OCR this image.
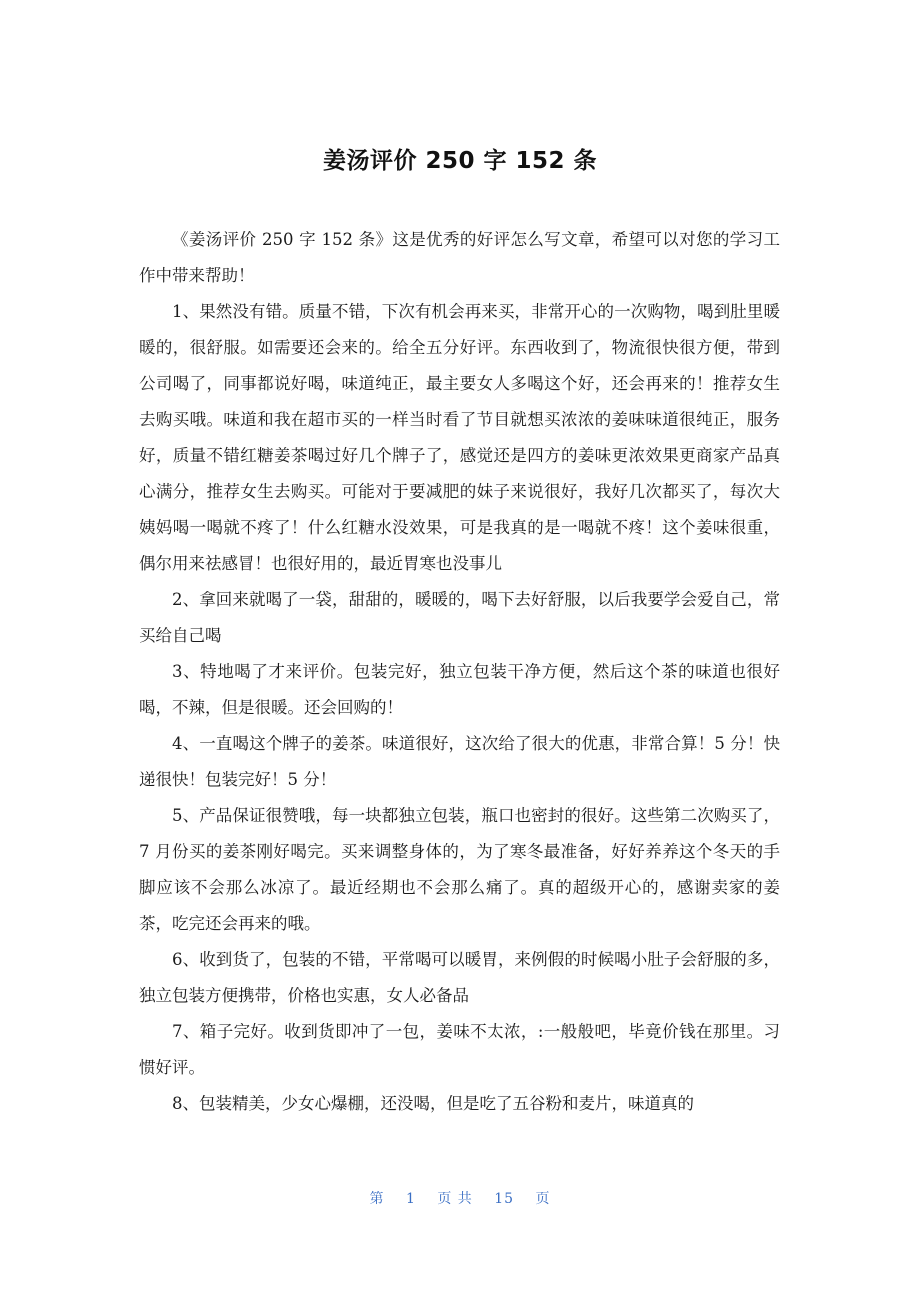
姜汤评价 250 字 152 条

《姜汤评价 250 字 152 条》这是优秀的好评怎么写文章，希望可以对您的学习工作中带来帮助！

1、果然没有错。质量不错，下次有机会再来买，非常开心的一次购物，喝到肚里暖暖的，很舒服。如需要还会来的。给全五分好评。东西收到了，物流很快很方便，带到公司喝了，同事都说好喝，味道纯正，最主要女人多喝这个好，还会再来的！推荐女生去购买哦。味道和我在超市买的一样当时看了节目就想买浓浓的姜味味道很纯正，服务好，质量不错红糖姜茶喝过好几个牌子了，感觉还是四方的姜味更浓效果更商家产品真心满分，推荐女生去购买。可能对于要减肥的妹子来说很好，我好几次都买了，每次大姨妈喝一喝就不疼了！什么红糖水没效果，可是我真的是一喝就不疼！这个姜味很重，偶尔用来祛感冒！也很好用的，最近胃寒也没事儿

2、拿回来就喝了一袋，甜甜的，暖暖的，喝下去好舒服，以后我要学会爱自己，常买给自己喝

3、特地喝了才来评价。包装完好，独立包装干净方便，然后这个茶的味道也很好喝，不辣，但是很暖。还会回购的！

4、一直喝这个牌子的姜茶。味道很好，这次给了很大的优惠，非常合算！5 分！快递很快！包装完好！5 分！

5、产品保证很赞哦，每一块都独立包装，瓶口也密封的很好。这些第二次购买了，7 月份买的姜茶刚好喝完。买来调整身体的，为了寒冬最准备，好好养养这个冬天的手脚应该不会那么冰凉了。最近经期也不会那么痛了。真的超级开心的，感谢卖家的姜茶，吃完还会再来的哦。

6、收到货了，包装的不错，平常喝可以暖胃，来例假的时候喝小肚子会舒服的多，独立包装方便携带，价格也实惠，女人必备品

7、箱子完好。收到货即冲了一包，姜味不太浓，:一般般吧，毕竟价钱在那里。习惯好评。

8、包装精美，少女心爆棚，还没喝，但是吃了五谷粉和麦片，味道真的

第 1 页 共 15 页
